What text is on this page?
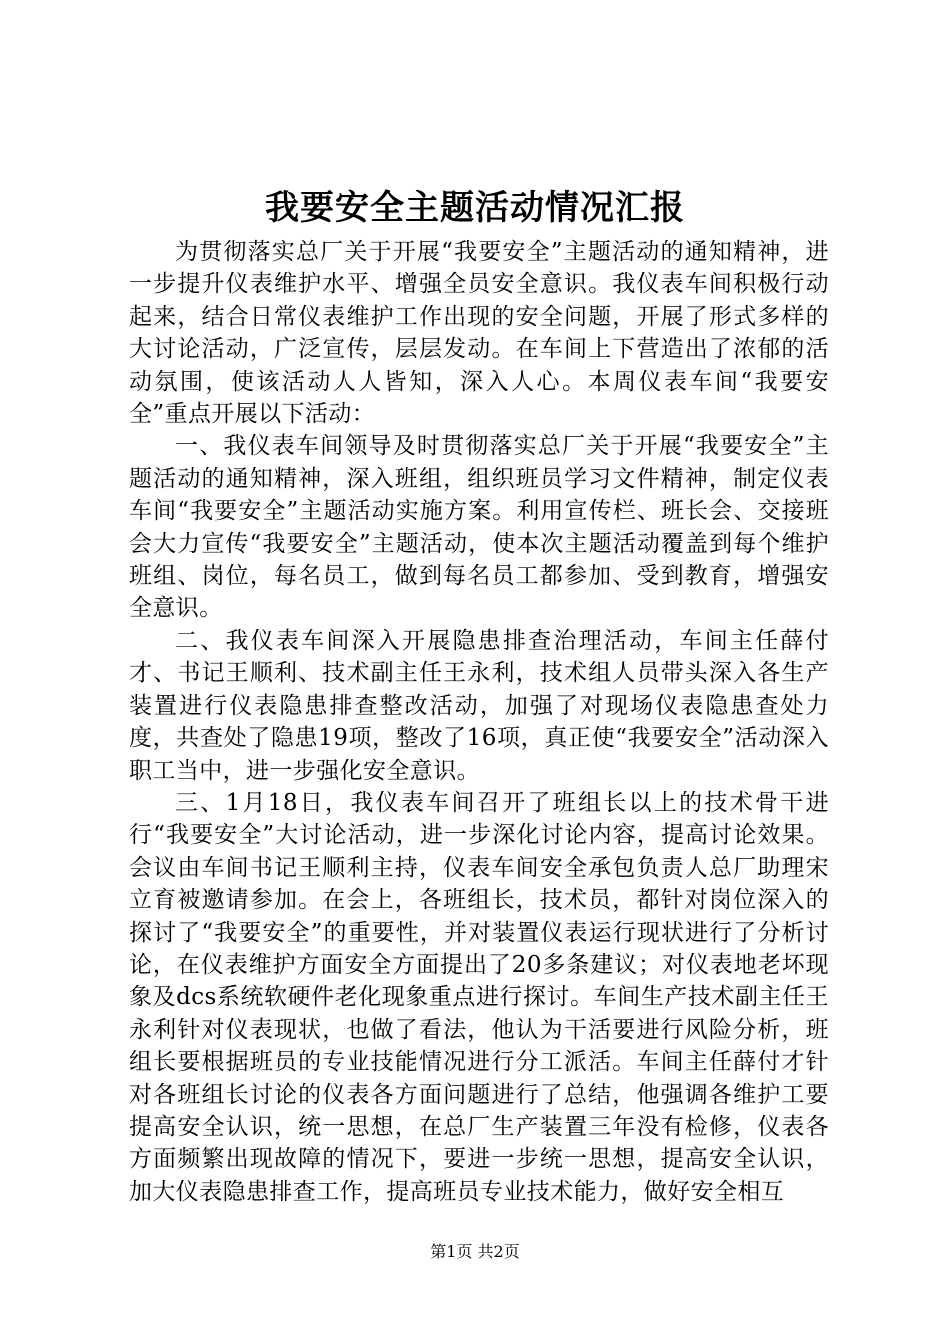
我要安全主题活动情况汇报

为贯彻落实总厂关于开展“我要安全”主题活动的通知精神，进一步提升仪表维护水平、增强全员安全意识。我仪表车间积极行动起来，结合日常仪表维护工作出现的安全问题，开展了形式多样的大讨论活动，广泛宣传，层层发动。在车间上下营造出了浓郁的活动氛围，使该活动人人皆知，深入人心。本周仪表车间“我要安全”重点开展以下活动：

一、我仪表车间领导及时贯彻落实总厂关于开展“我要安全”主题活动的通知精神，深入班组，组织班员学习文件精神，制定仪表车间“我要安全”主题活动实施方案。利用宣传栏、班长会、交接班会大力宣传“我要安全”主题活动，使本次主题活动覆盖到每个维护班组、岗位，每名员工，做到每名员工都参加、受到教育，增强安全意识。

二、我仪表车间深入开展隐患排查治理活动，车间主任薛付才、书记王顺利、技术副主任王永利，技术组人员带头深入各生产装置进行仪表隐患排查整改活动，加强了对现场仪表隐患查处力度，共查处了隐患19项，整改了16项，真正使“我要安全”活动深入职工当中，进一步强化安全意识。

三、1月18日，我仪表车间召开了班组长以上的技术骨干进行“我要安全”大讨论活动，进一步深化讨论内容，提高讨论效果。会议由车间书记王顺利主持，仪表车间安全承包负责人总厂助理宋立育被邀请参加。在会上，各班组长，技术员，都针对岗位深入的探讨了“我要安全”的重要性，并对装置仪表运行现状进行了分析讨论，在仪表维护方面安全方面提出了20多条建议；对仪表地老坏现象及dcs系统软硬件老化现象重点进行探讨。车间生产技术副主任王永利针对仪表现状，也做了看法，他认为干活要进行风险分析，班组长要根据班员的专业技能情况进行分工派活。车间主任薛付才针对各班组长讨论的仪表各方面问题进行了总结，他强调各维护工要提高安全认识，统一思想，在总厂生产装置三年没有检修，仪表各方面频繁出现故障的情况下，要进一步统一思想，提高安全认识，加大仪表隐患排查工作，提高班员专业技术能力，做好安全相互

第1页 共2页
